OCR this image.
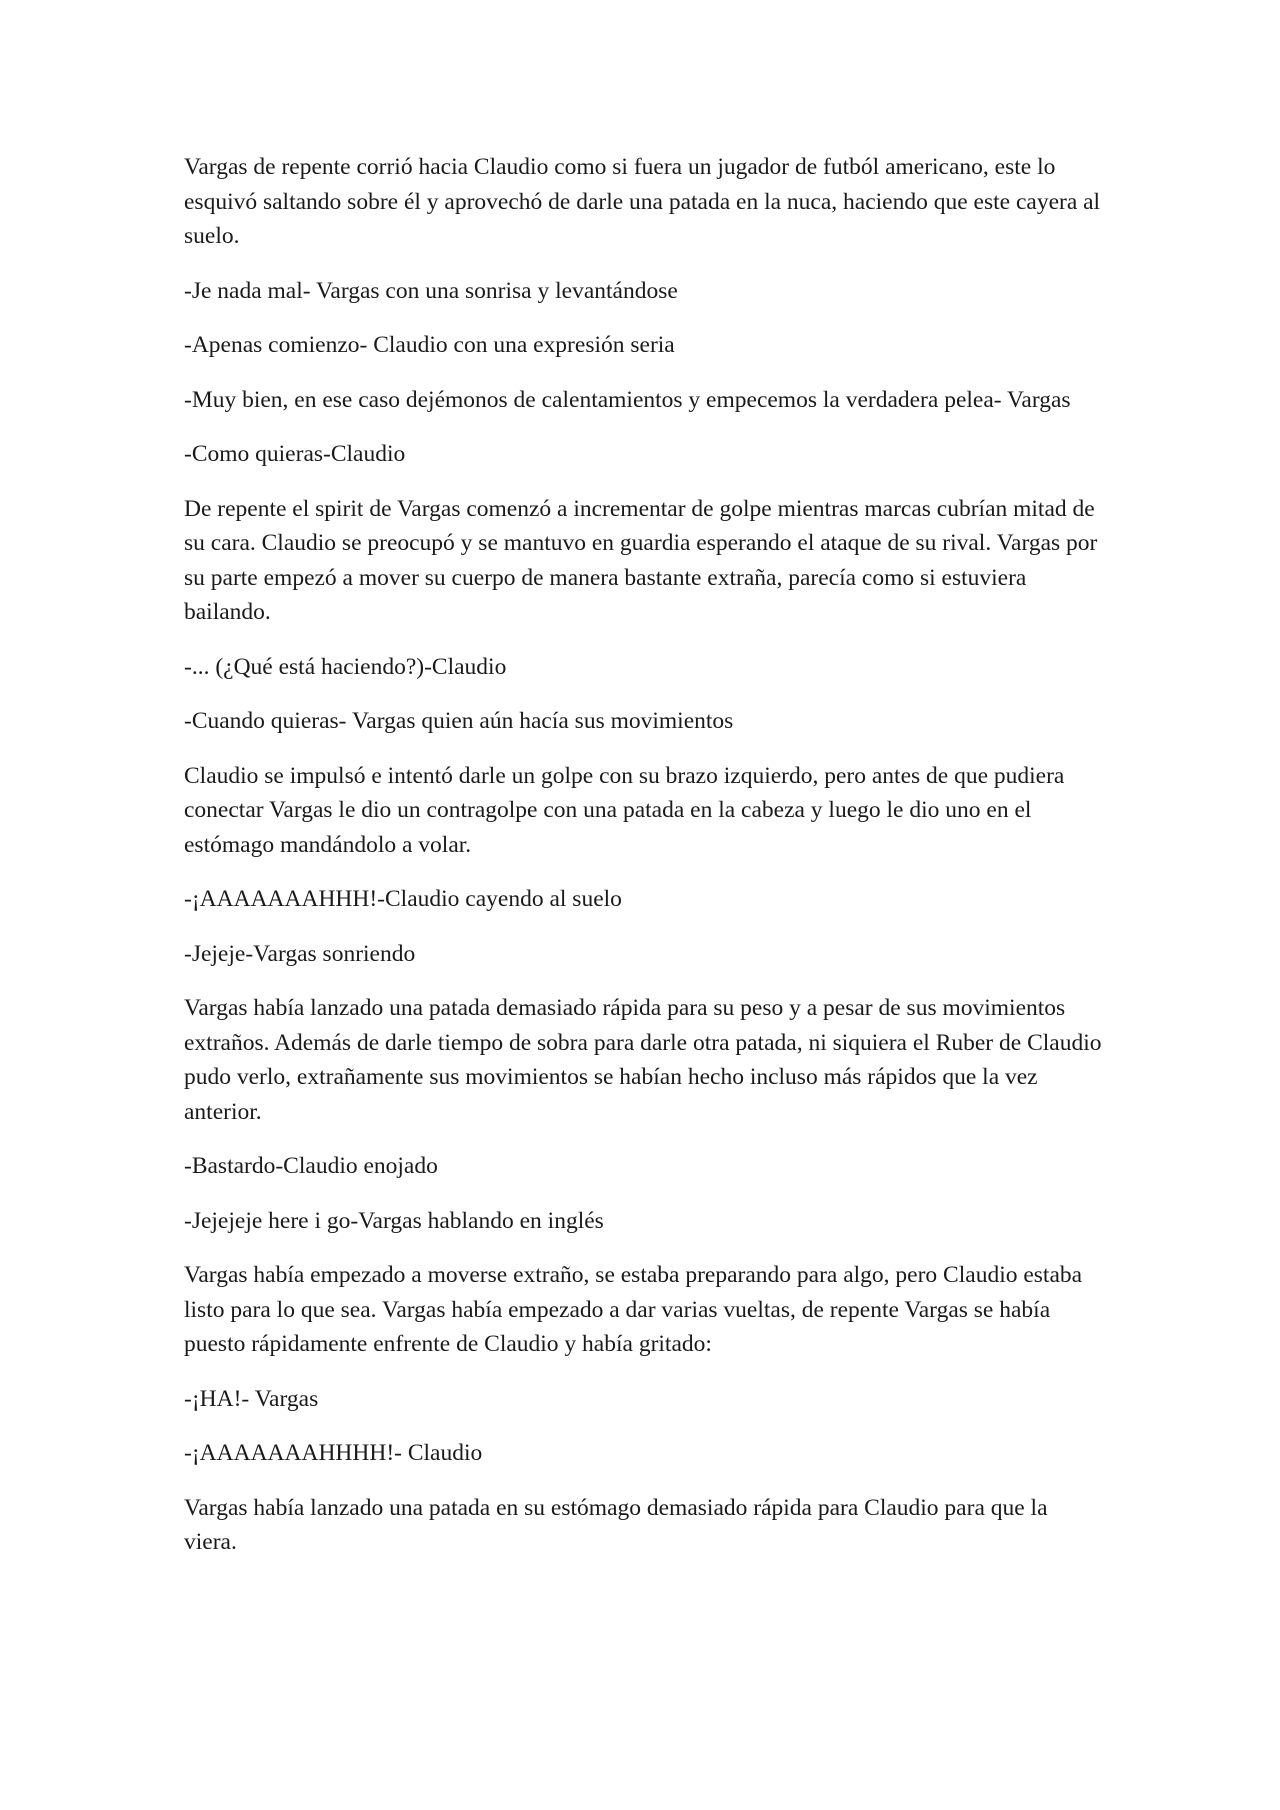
Vargas de repente corrió hacia Claudio como si fuera un jugador de futból americano, este lo esquivó saltando sobre él y aprovechó de darle una patada en la nuca, haciendo que este cayera al suelo.

-Je nada mal- Vargas con una sonrisa y levantándose

-Apenas comienzo- Claudio con una expresión seria

-Muy bien, en ese caso dejémonos de calentamientos y empecemos la verdadera pelea- Vargas

-Como quieras-Claudio

De repente el spirit de Vargas comenzó a incrementar de golpe mientras marcas cubrían mitad de su cara. Claudio se preocupó y se mantuvo en guardia esperando el ataque de su rival. Vargas por su parte empezó a mover su cuerpo de manera bastante extraña, parecía como si estuviera bailando.

-... (¿Qué está haciendo?)-Claudio

-Cuando quieras- Vargas quien aún hacía sus movimientos

Claudio se impulsó e intentó darle un golpe con su brazo izquierdo, pero antes de que pudiera conectar Vargas le dio un contragolpe con una patada en la cabeza y luego le dio uno en el estómago mandándolo a volar.

-¡AAAAAAAHHH!-Claudio cayendo al suelo

-Jejeje-Vargas sonriendo

Vargas había lanzado una patada demasiado rápida para su peso y a pesar de sus movimientos extraños. Además de darle tiempo de sobra para darle otra patada, ni siquiera el Ruber de Claudio pudo verlo, extrañamente sus movimientos se habían hecho incluso más rápidos que la vez anterior.

-Bastardo-Claudio enojado

-Jejejeje here i go-Vargas hablando en inglés

Vargas había empezado a moverse extraño, se estaba preparando para algo, pero Claudio estaba listo para lo que sea. Vargas había empezado a dar varias vueltas, de repente Vargas se había puesto rápidamente enfrente de Claudio y había gritado:

-¡HA!- Vargas

-¡AAAAAAAHHHH!- Claudio

Vargas había lanzado una patada en su estómago demasiado rápida para Claudio para que la viera.
